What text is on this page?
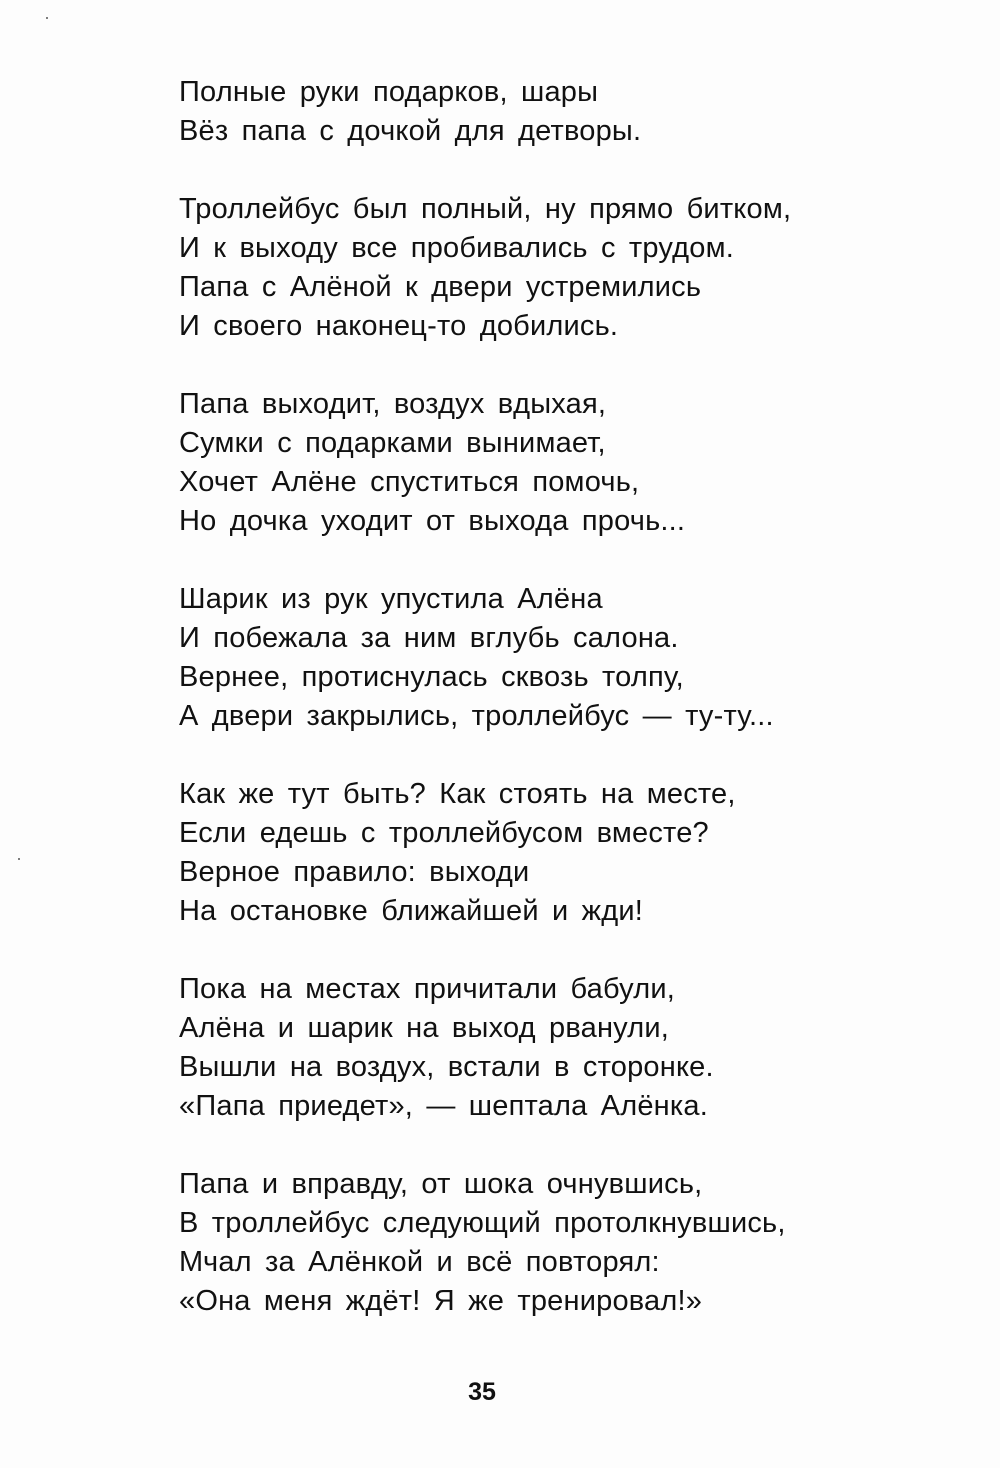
Полные руки подарков, шары
Вёз папа с дочкой для детворы.
Троллейбус был полный, ну прямо битком,
И к выходу все пробивались с трудом.
Папа с Алёной к двери устремились
И своего наконец-то добились.
Папа выходит, воздух вдыхая,
Сумки с подарками вынимает,
Хочет Алёне спуститься помочь,
Но дочка уходит от выхода прочь...
Шарик из рук упустила Алёна
И побежала за ним вглубь салона.
Вернее, протиснулась сквозь толпу,
А двери закрылись, троллейбус — ту-ту...
Как же тут быть? Как стоять на месте,
Если едешь с троллейбусом вместе?
Верное правило: выходи
На остановке ближайшей и жди!
Пока на местах причитали бабули,
Алёна и шарик на выход рванули,
Вышли на воздух, встали в сторонке.
«Папа приедет», — шептала Алёнка.
Папа и вправду, от шока очнувшись,
В троллейбус следующий протолкнувшись,
Мчал за Алёнкой и всё повторял:
«Она меня ждёт! Я же тренировал!»
35
